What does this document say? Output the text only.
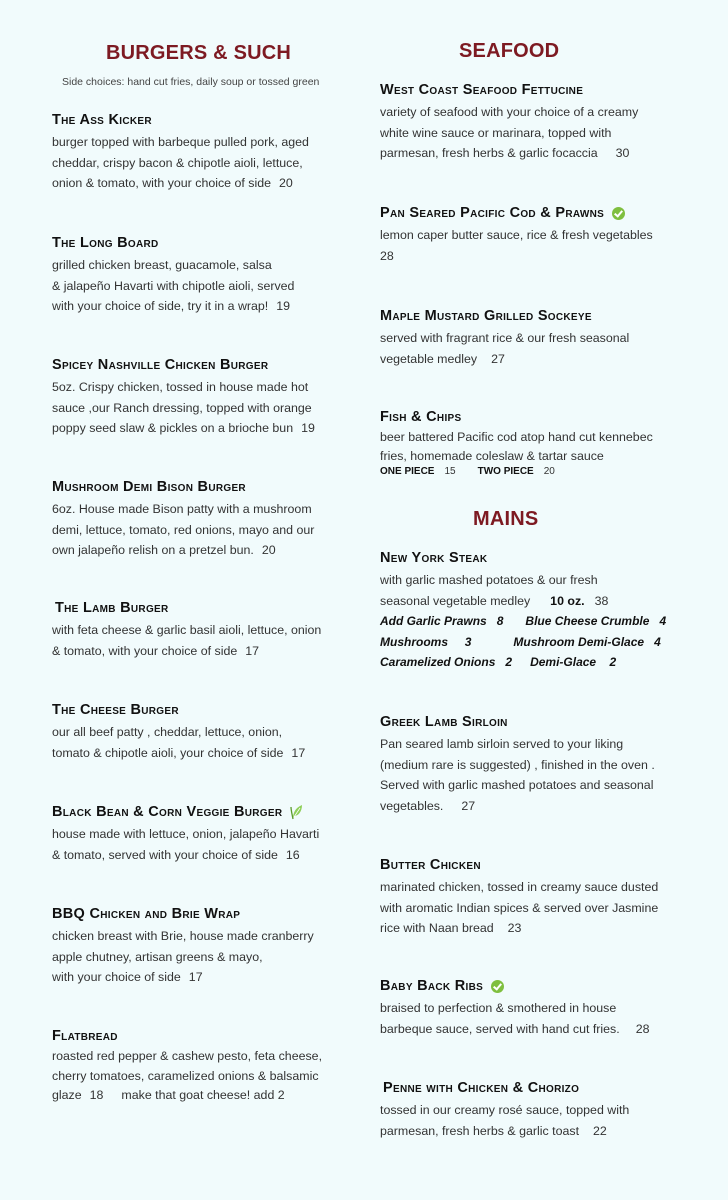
BURGERS & SUCH
Side choices: hand cut fries, daily soup or tossed green
The Ass Kicker
burger topped with barbeque pulled pork, aged
cheddar, crispy bacon & chipotle aioli, lettuce,
onion & tomato, with your choice of side 20
The Long Board
grilled chicken breast, guacamole, salsa
& jalapeño Havarti with chipotle aioli, served
with your choice of side, try it in a wrap! 19
Spicey Nashville Chicken Burger
5oz. Crispy chicken, tossed in house made hot
sauce ,our Ranch dressing, topped with orange
poppy seed slaw & pickles on a brioche bun 19
Mushroom Demi Bison Burger
6oz. House made Bison patty with a mushroom
demi, lettuce, tomato, red onions, mayo and our
own jalapeño relish on a pretzel bun. 20
The Lamb Burger
with feta cheese & garlic basil aioli, lettuce, onion
& tomato, with your choice of side 17
The Cheese Burger
our all beef patty , cheddar, lettuce, onion,
tomato & chipotle aioli, your choice of side 17
Black Bean & Corn Veggie Burger
house made with lettuce, onion, jalapeño Havarti
& tomato, served with your choice of side 16
BBQ Chicken and Brie Wrap
chicken breast with Brie, house made cranberry
apple chutney, artisan greens & mayo,
with your choice of side 17
Flatbread
roasted red pepper & cashew pesto, feta cheese,
cherry tomatoes, caramelized onions & balsamic
glaze 18 make that goat cheese! add 2
SEAFOOD
West Coast Seafood Fettucine
variety of seafood with your choice of a creamy
white wine sauce or marinara, topped with
parmesan, fresh herbs & garlic focaccia 30
Pan Seared Pacific Cod & Prawns
lemon caper butter sauce, rice & fresh vegetables
28
Maple Mustard Grilled Sockeye
served with fragrant rice & our fresh seasonal
vegetable medley 27
Fish & Chips
beer battered Pacific cod atop hand cut kennebec
fries, homemade coleslaw & tartar sauce
ONE PIECE 15 TWO PIECE 20
MAINS
New York Steak
with garlic mashed potatoes & our fresh
seasonal vegetable medley 10 oz. 38
Add Garlic Prawns 8 Blue Cheese Crumble 4
Mushrooms 3	Mushroom Demi-Glace 4
Caramelized Onions 2 Demi-Glace 2
Greek Lamb Sirloin
Pan seared lamb sirloin served to your liking
(medium rare is suggested) , finished in the oven .
Served with garlic mashed potatoes and seasonal
vegetables. 27
Butter Chicken
marinated chicken, tossed in creamy sauce dusted
with aromatic Indian spices & served over Jasmine
rice with Naan bread 23
Baby Back Ribs
braised to perfection & smothered in house
barbeque sauce, served with hand cut fries. 28
Penne with Chicken & Chorizo
tossed in our creamy rosé sauce, topped with
parmesan, fresh herbs & garlic toast 22
